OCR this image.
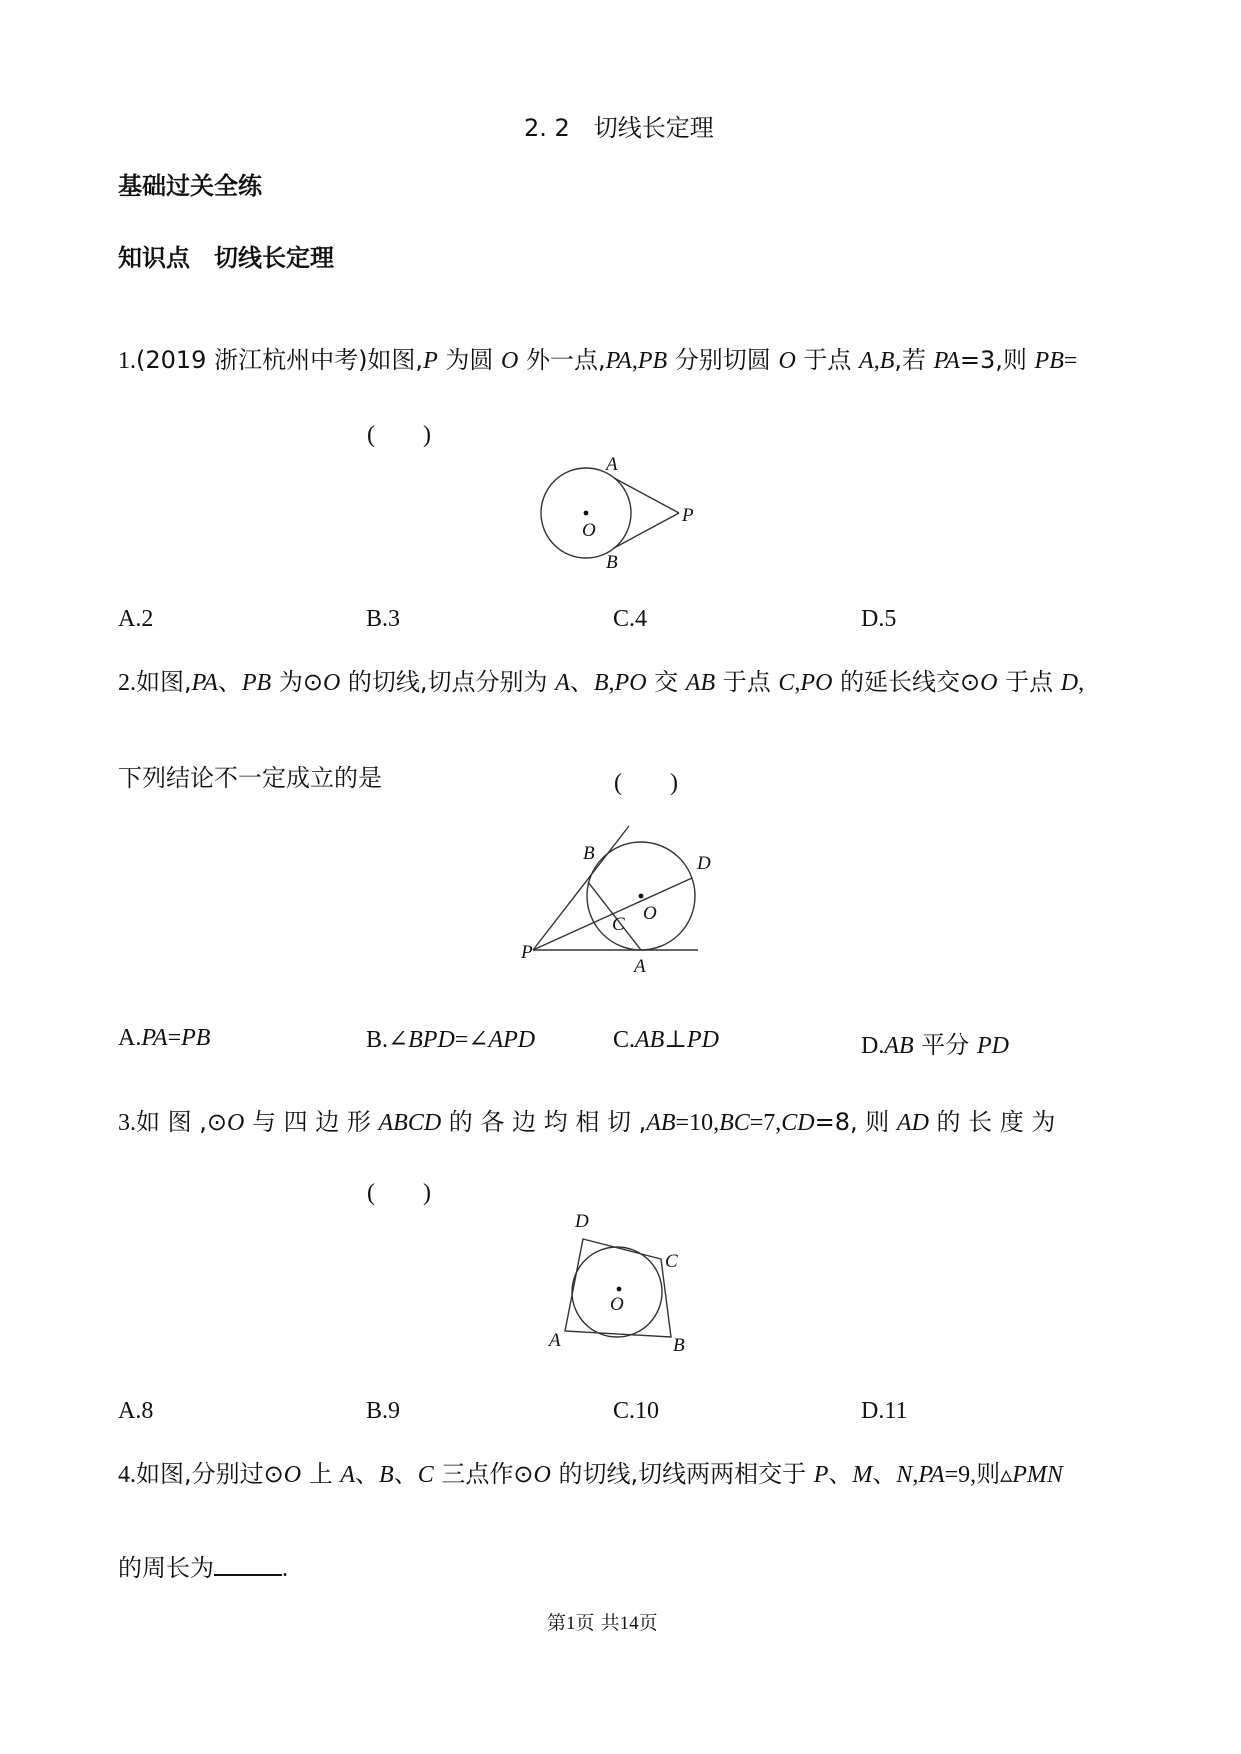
2. 2　切线长定理
基础过关全练
知识点　切线长定理
1.(2019 浙江杭州中考)如图,P 为圆 O 外一点,PA,PB 分别切圆 O 于点 A,B,若 PA=3,则 PB=
(　　)
A
B
P
O
A.2	B.3	C.4	D.5
2.如图,PA、PB 为⊙O 的切线,切点分别为 A、B,PO 交 AB 于点 C,PO 的延长线交⊙O 于点 D,
下列结论不一定成立的是	(　　)
B	D
O
C
P
A
A.PA=PB	B.∠BPD=∠APD	C.AB⊥PD	D.AB 平分 PD
3.如 图 ,⊙O 与 四 边 形 ABCD 的 各 边 均 相 切 ,AB=10,BC=7,CD=8, 则 AD 的 长 度 为
(　　)
D
C
O
A	B
A.8	B.9	C.10	D.11
4.如图,分别过⊙O 上 A、B、C 三点作⊙O 的切线,切线两两相交于 P、M、N,PA=9,则▵PMN
的周长为	.
第1页 共14页
